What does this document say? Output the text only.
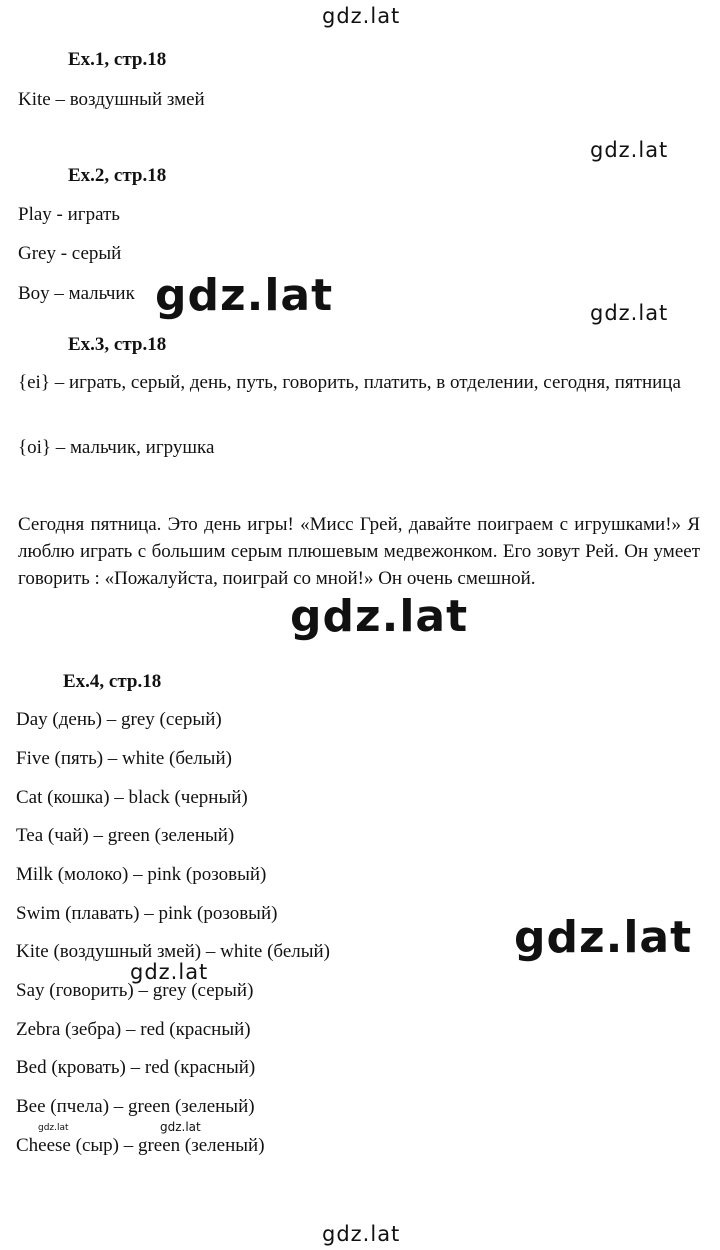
gdz.lat
gdz.lat
gdz.lat
Ex.1, стр.18
Kite – воздушный змей
Ex.2, стр.18
Play - играть
Grey - серый
Boy – мальчик gdz.lat
Ex.3, стр.18
{ei} – играть, серый, день, путь, говорить, платить, в отделении, сегодня, пятница
{oi} – мальчик, игрушка
Сегодня пятница. Это день игры! «Мисс Грей, давайте поиграем с игрушками!» Я люблю играть с большим серым плюшевым медвежонком. Его зовут Рей. Он умеет говорить : «Пожалуйста, поиграй со мной!» Он очень смешной.
gdz.lat
Ex.4, стр.18
Day (день) – grey (серый)
Five (пять) – white (белый)
Cat (кошка) – black (черный)
Tea (чай) – green (зеленый)
Milk (молоко) – pink (розовый)
Swim (плавать) – pink (розовый)
Kite (воздушный змей) – white (белый)
Say (говорить) – grey (серый)
Zebra (зебра) – red (красный)
Bed (кровать) – red (красный)
Bee (пчела) – green (зеленый)
Cheese (сыр) – green (зеленый)
gdz.lat
gdz.lat
gdz.lat	gdz.lat
gdz.lat
